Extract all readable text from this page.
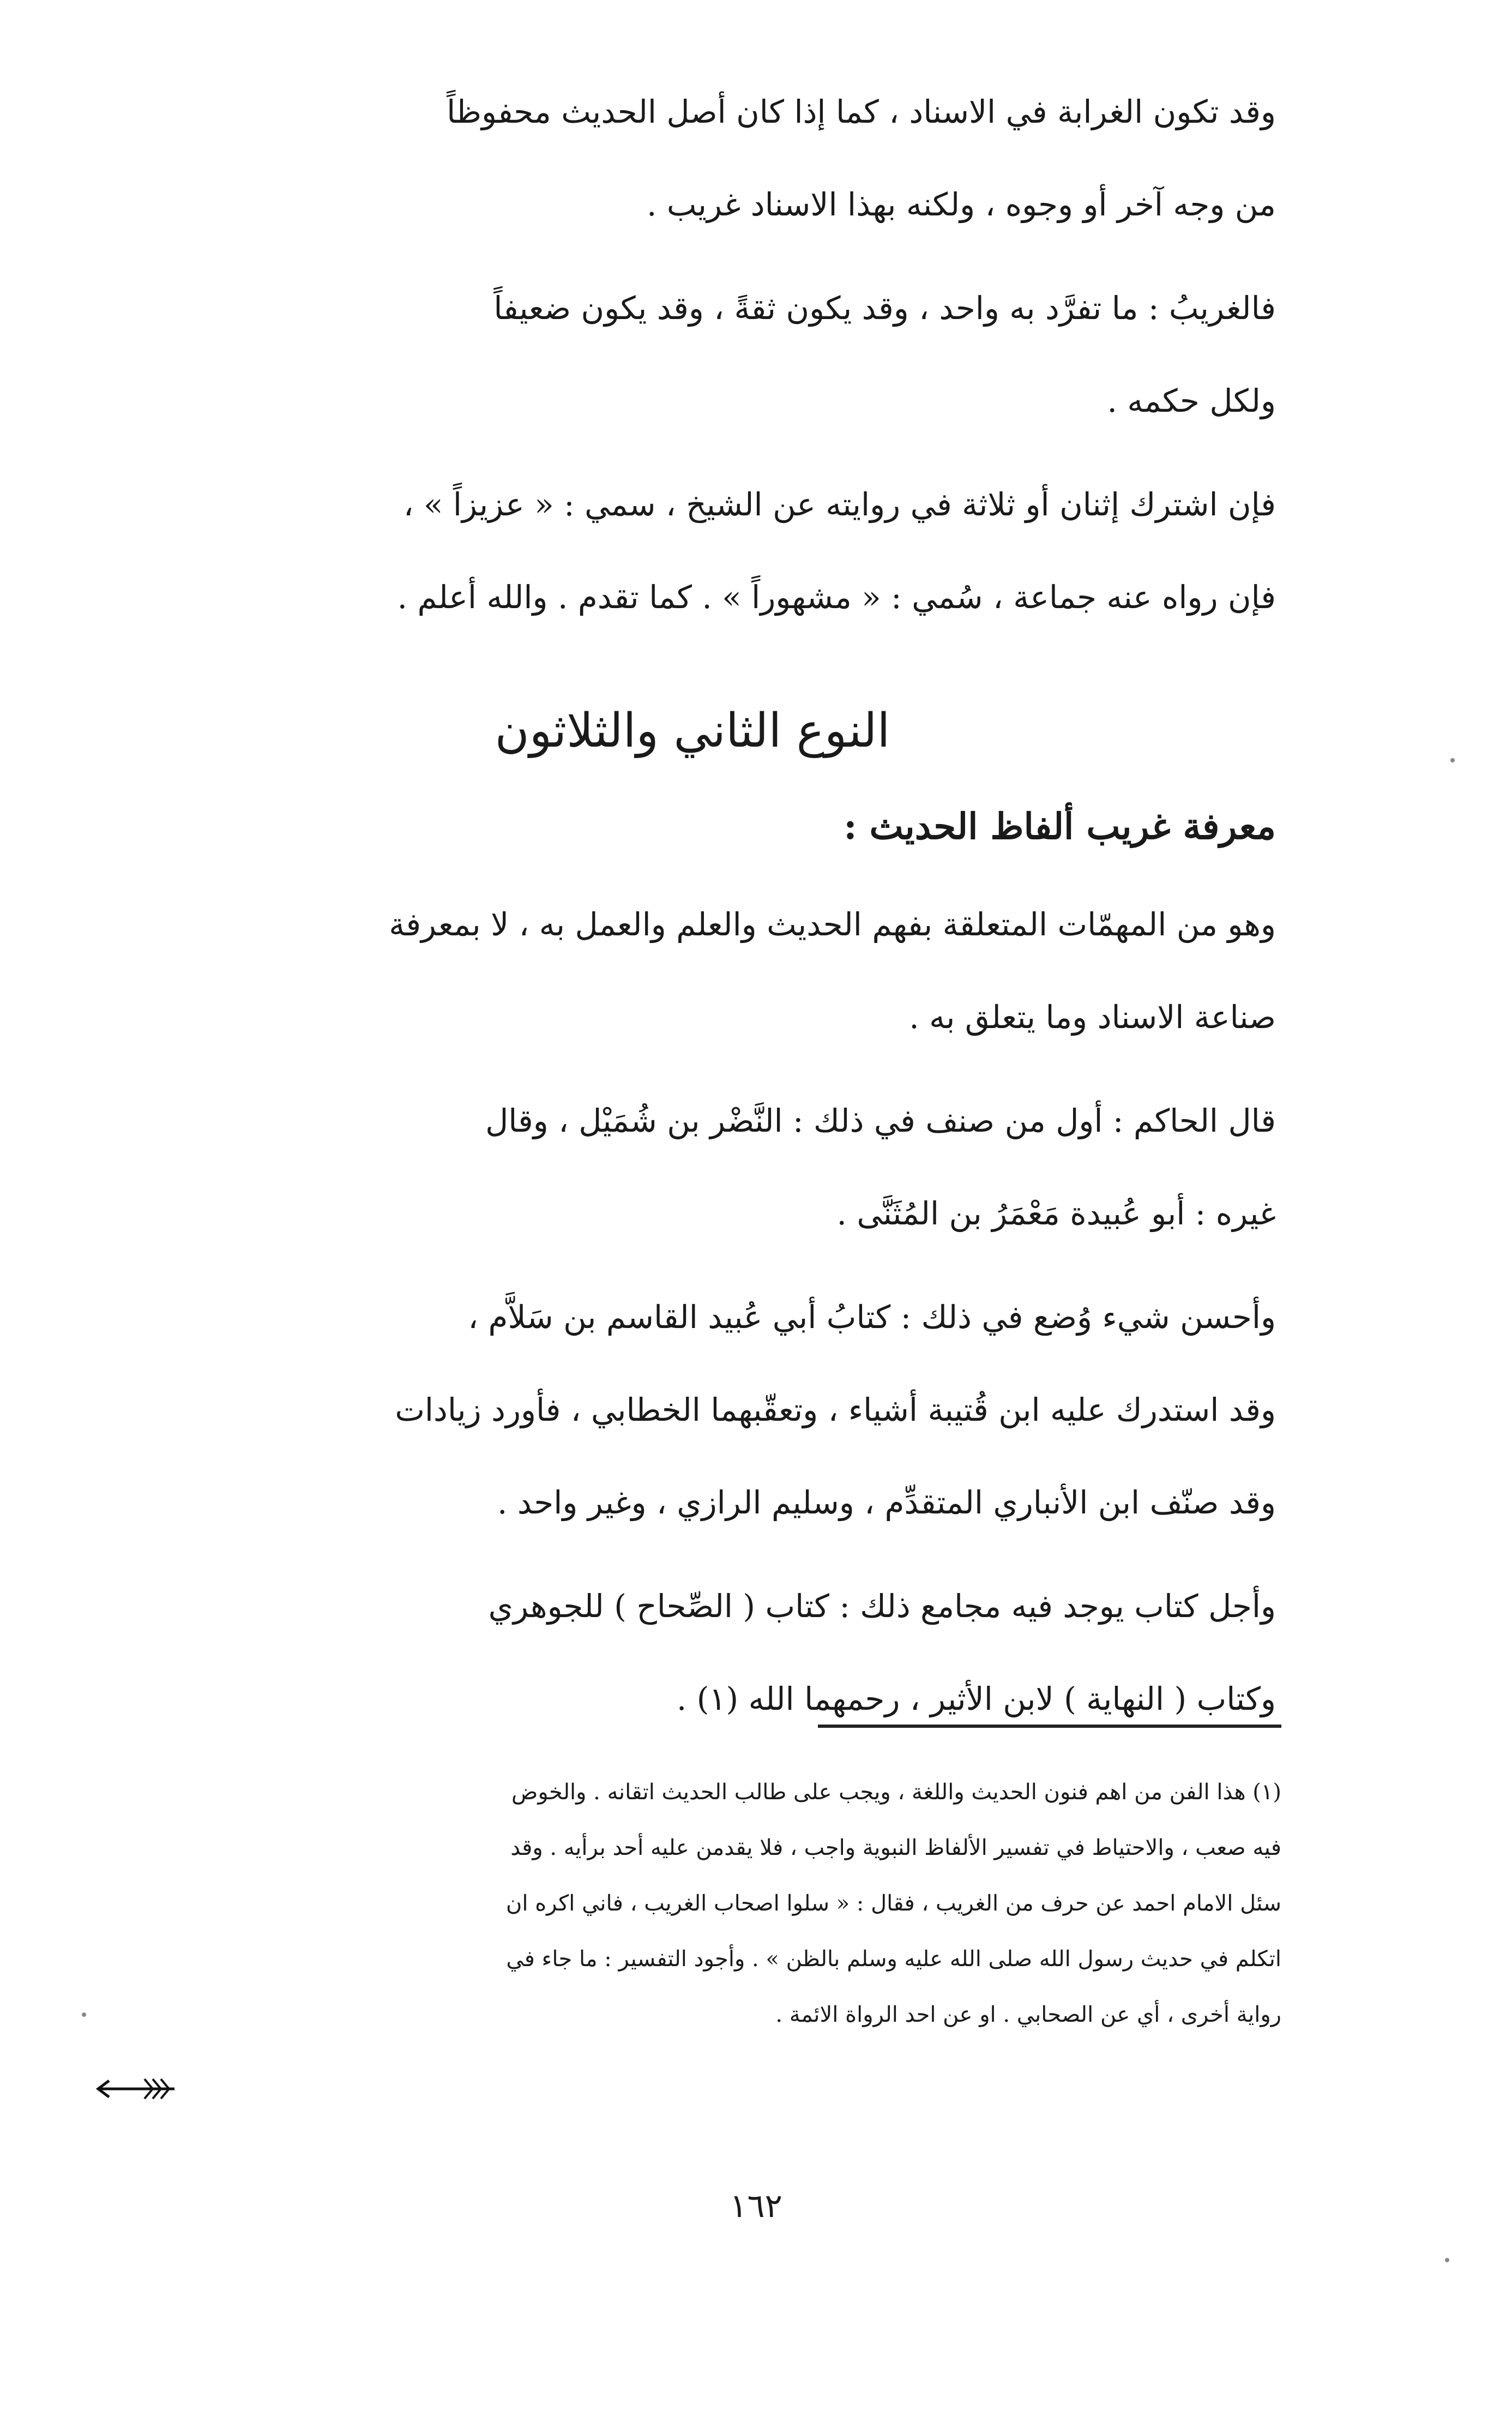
وقد تكون الغرابة في الاسناد ، كما إذا كان أصل الحديث محفوظاً
من وجه آخر أو وجوه ، ولكنه بهذا الاسناد غريب .
فالغريبُ : ما تفرَّد به واحد ، وقد يكون ثقةً ، وقد يكون ضعيفاً
ولكل حكمه .
فإن اشترك إثنان أو ثلاثة في روايته عن الشيخ ، سمي : « عزيزاً » ،
فإن رواه عنه جماعة ، سُمي : « مشهوراً » . كما تقدم . والله أعلم .
النوع الثاني والثلاثون
معرفة غريب ألفاظ الحديث :
وهو من المهمّات المتعلقة بفهم الحديث والعلم والعمل به ، لا بمعرفة
صناعة الاسناد وما يتعلق به .
قال الحاكم : أول من صنف في ذلك : النَّضْر بن شُمَيْل ، وقال
غيره : أبو عُبيدة مَعْمَرُ بن المُثَنَّى .
وأحسن شيء وُضع في ذلك : كتابُ أبي عُبيد القاسم بن سَلاَّم ،
وقد استدرك عليه ابن قُتيبة أشياء ، وتعقّبهما الخطابي ، فأورد زيادات
وقد صنّف ابن الأنباري المتقدِّم ، وسليم الرازي ، وغير واحد .
وأجل كتاب يوجد فيه مجامع ذلك : كتاب ( الصِّحاح ) للجوهري
وكتاب ( النهاية ) لابن الأثير ، رحمهما الله (١) .
(١) هذا الفن من اهم فنون الحديث واللغة ، ويجب على طالب الحديث اتقانه . والخوض
فيه صعب ، والاحتياط في تفسير الألفاظ النبوية واجب ، فلا يقدمن عليه أحد برأيه . وقد
سئل الامام احمد عن حرف من الغريب ، فقال : « سلوا اصحاب الغريب ، فاني اكره ان
اتكلم في حديث رسول الله صلى الله عليه وسلم بالظن » . وأجود التفسير : ما جاء في
رواية أخرى ، أي عن الصحابي . او عن احد الرواة الائمة .
١٦٢
